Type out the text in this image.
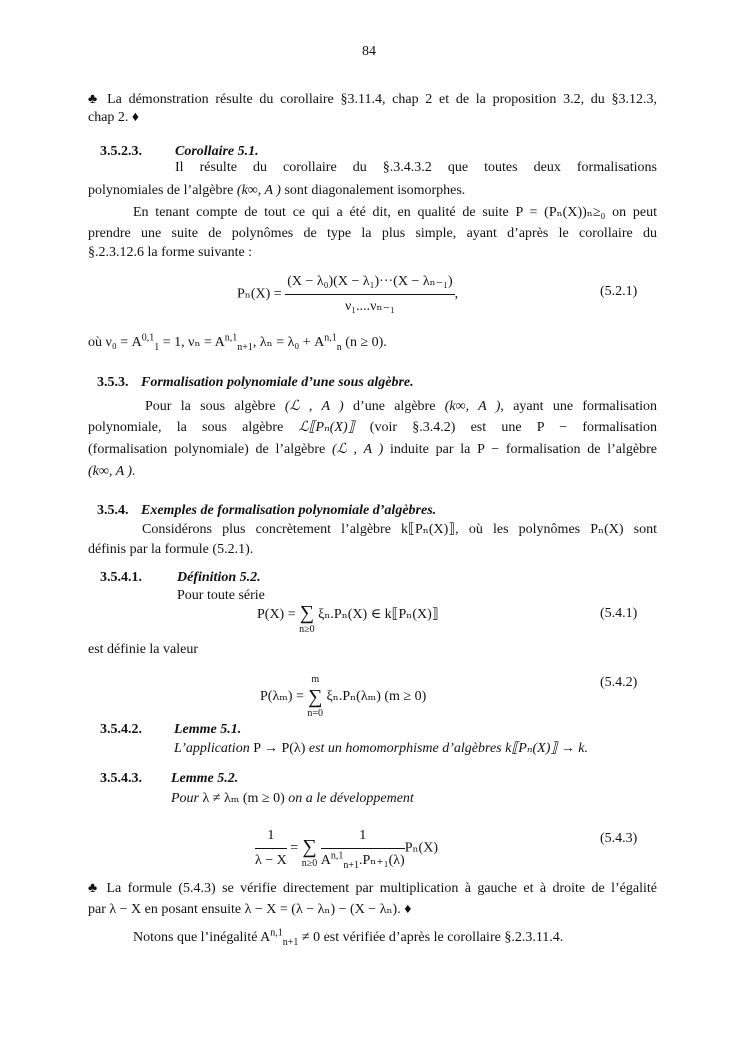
84
♣ La démonstration résulte du corollaire §3.11.4, chap 2 et de la proposition 3.2, du §3.12.3,
chap 2. ♦
3.5.2.3. Corollaire 5.1.
Il résulte du corollaire du §.3.4.3.2 que toutes deux formalisations
polynomiales de l’algèbre (k∞, A ) sont diagonalement isomorphes.
En tenant compte de tout ce qui a été dit, en qualité de suite P = (Pₙ(X))ₙ≥₀ on peut
prendre une suite de polynômes de type la plus simple, ayant d’après le corollaire du
§.2.3.12.6 la forme suivante :
$P_n(X) = \frac{\text{(X − λ₀)(X − λ₁)···(X − λₙ₋₁)}}{\text{ν₁....νₙ₋₁}}$ ,	(5.2.1)
où ν₀ = A$^{0,1}_1$ = 1, νₙ = A$^{n,1}_{n+1}$, λₙ = λ₀ + A$^{n,1}_n$ (n ≥ 0).
3.5.3. Formalisation polynomiale d’une sous algèbre.
Pour la sous algèbre (ℒ , A ) d’une algèbre (k∞, A ), ayant une formalisation
polynomiale, la sous algèbre ℒ⟦Pₙ(X)⟧ (voir §.3.4.2) est une P − formalisation
(formalisation polynomiale) de l’algèbre (ℒ , A ) induite par la P − formalisation de l’algèbre
(k∞, A ).
3.5.4. Exemples de formalisation polynomiale d’algèbres.
Considérons plus concrètement l’algèbre k⟦Pₙ(X)⟧, où les polynômes Pₙ(X) sont
définis par la formule (5.2.1).
3.5.4.1.	Définition 5.2.
Pour toute série
P(X) = ∑
n≥0
ξₙ.Pₙ(X) ∈ k⟦Pₙ(X)⟧	(5.4.1)
est définie la valeur
P(λₘ) =
m
∑
n=0
ξₙ.Pₙ(λₘ) (m ≥ 0)
(5.4.2)
3.5.4.2. Lemme 5.1.
L’application P → P(λ) est un homomorphisme d’algèbres k⟦Pₙ(X)⟧ → k.
3.5.4.3. Lemme 5.2.
Pour λ ≠ λₘ (m ≥ 0) on a le développement
$\frac{1}{\lambda - X}$ = ∑
n≥0
$\frac{1}{A^{n,1}_{n+1}.P_{n+1}(\lambda)} P_n(X)$
(5.4.3)
♣ La formule (5.4.3) se vérifie directement par multiplication à gauche et à droite de l’égalité
par λ − X en posant ensuite λ − X = (λ − λₙ) − (X − λₙ). ♦
Notons que l’inégalité A$^{n,1}_{n+1}$ ≠ 0 est vérifiée d’après le corollaire §.2.3.11.4.
